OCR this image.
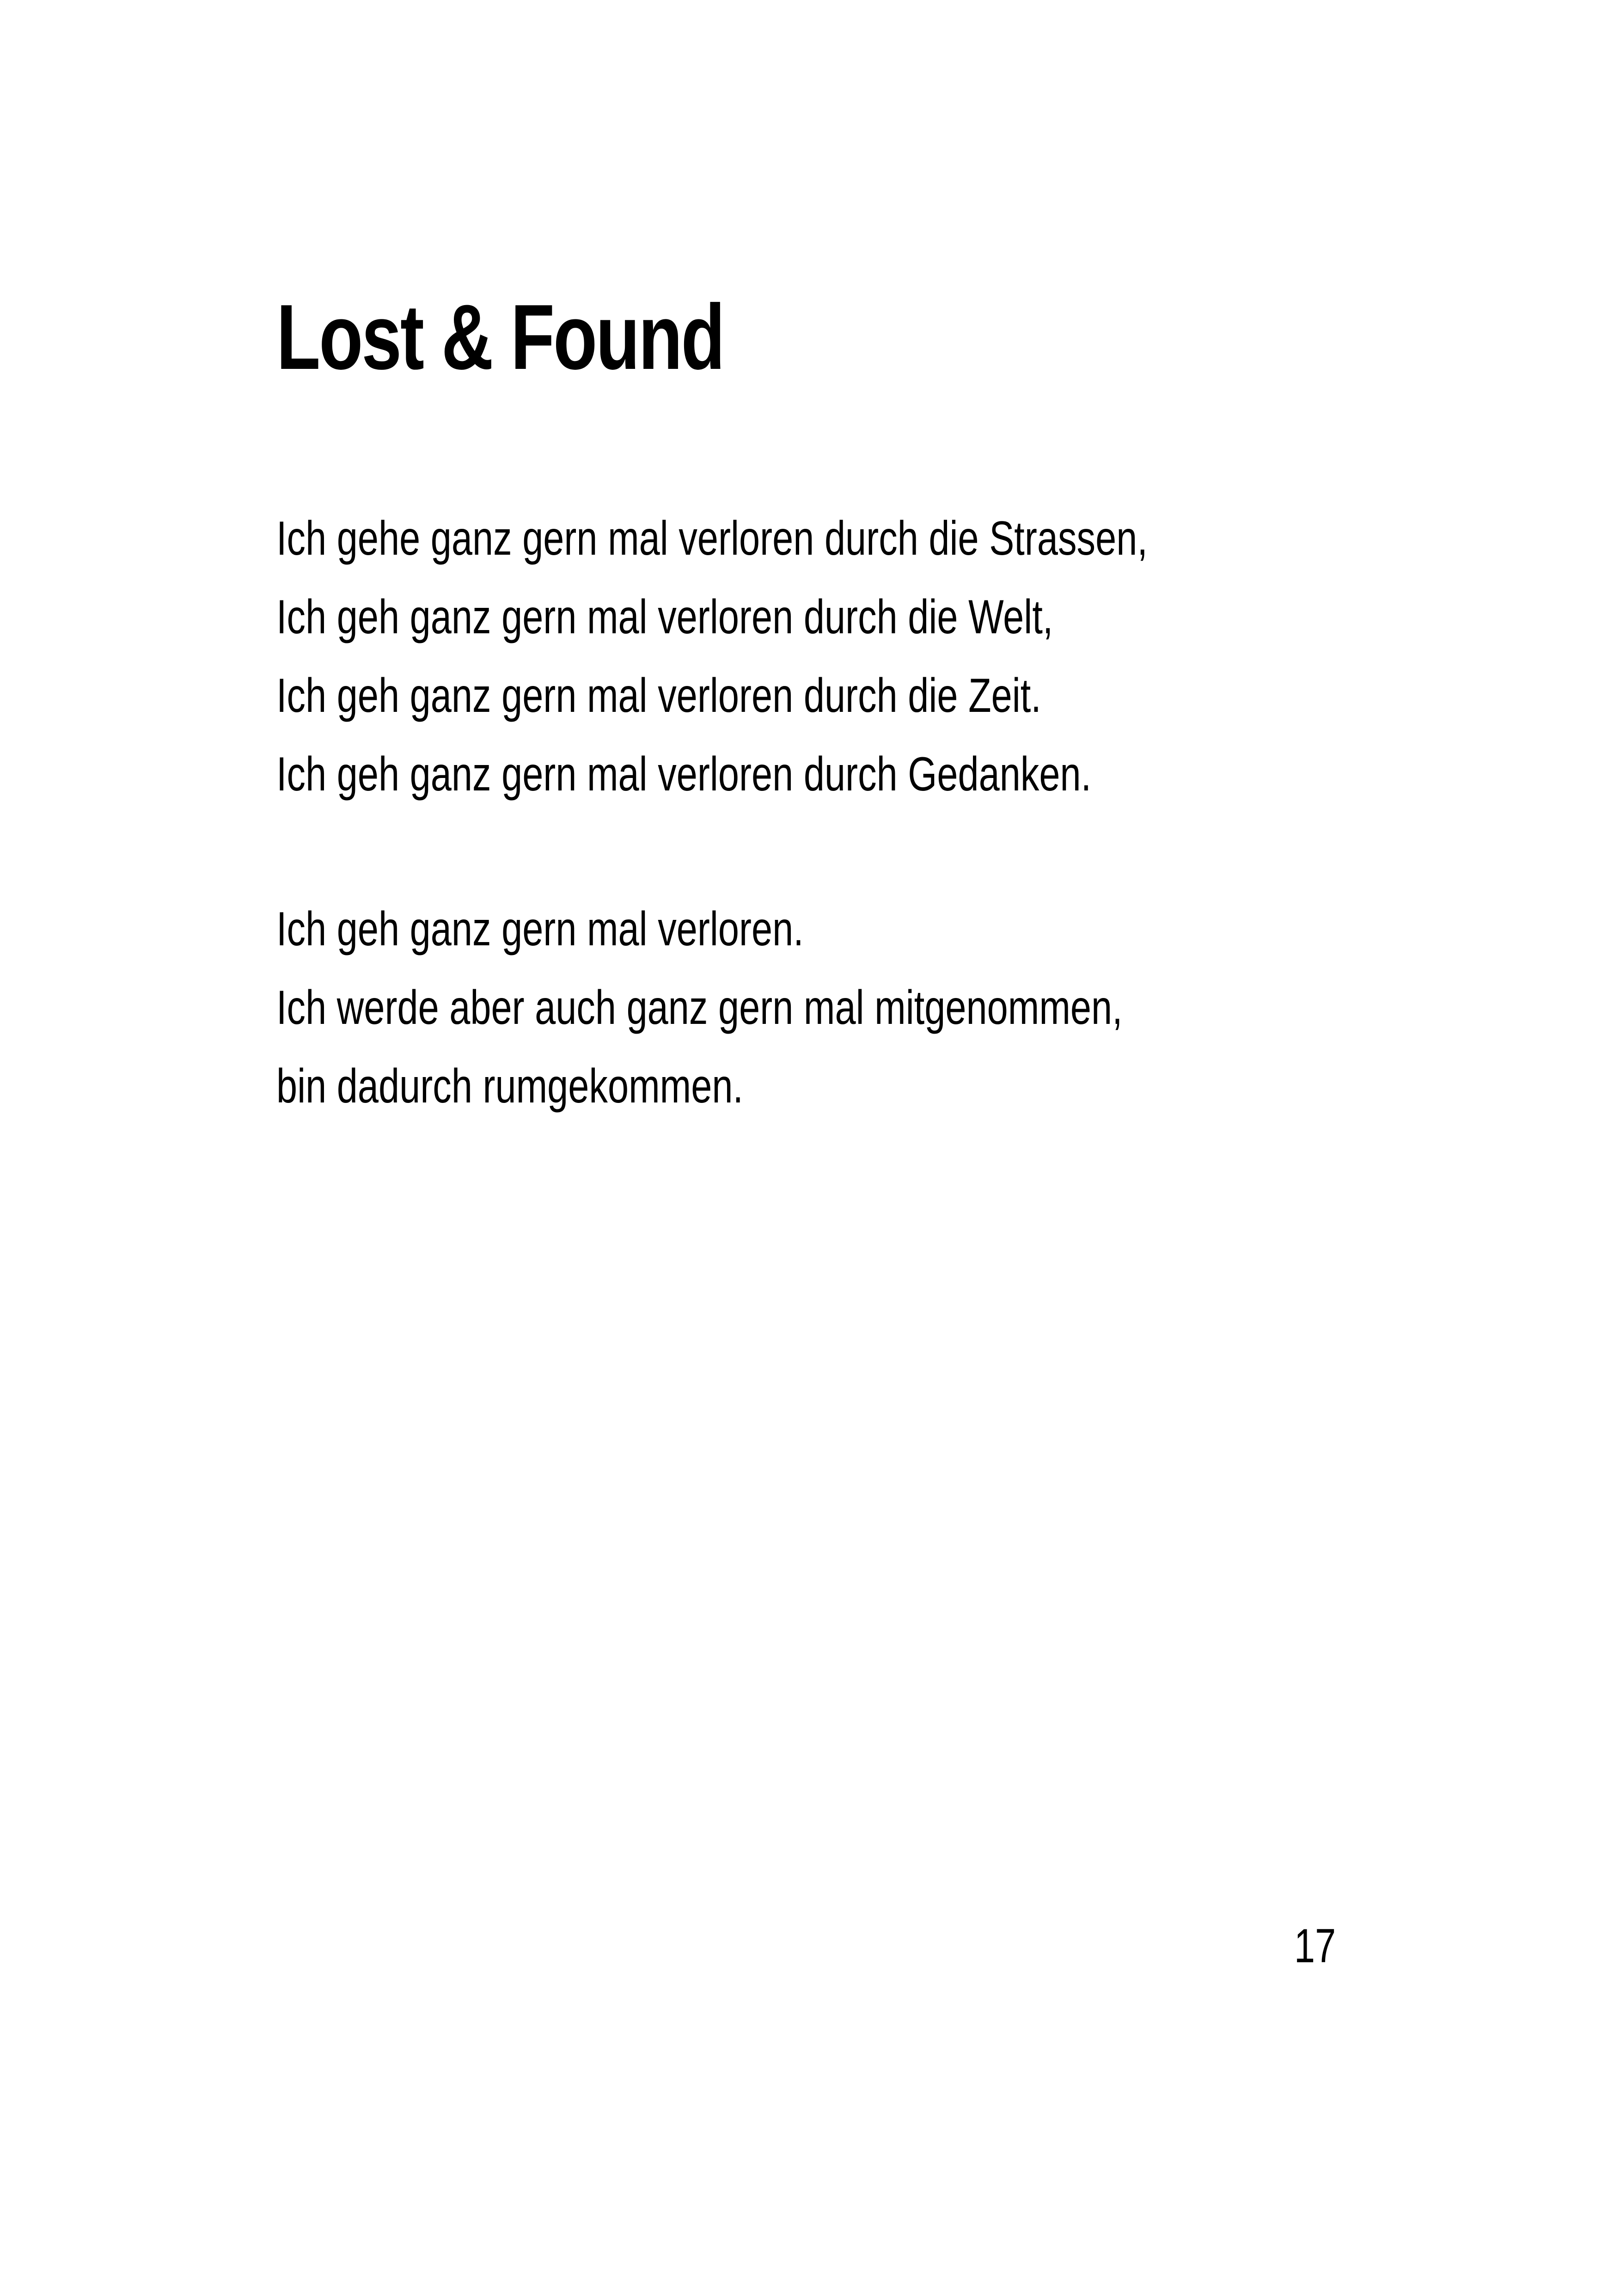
Lost & Found
Ich gehe ganz gern mal verloren durch die Strassen,
Ich geh ganz gern mal verloren durch die Welt,
Ich geh ganz gern mal verloren durch die Zeit.
Ich geh ganz gern mal verloren durch Gedanken.
Ich geh ganz gern mal verloren.
Ich werde aber auch ganz gern mal mitgenommen,
bin dadurch rumgekommen.
17
